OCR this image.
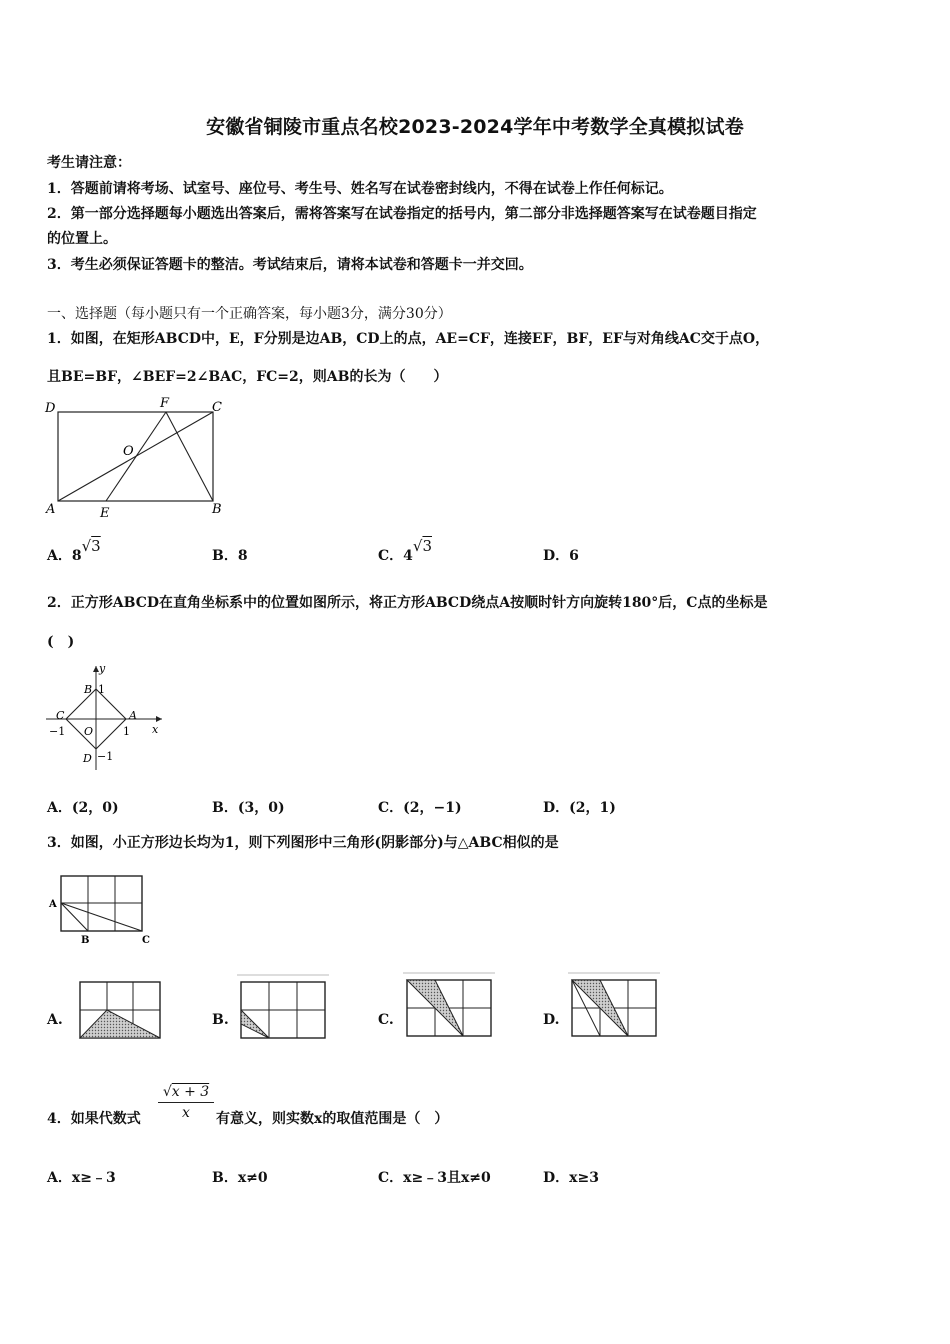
安徽省铜陵市重点名校2023-2024学年中考数学全真模拟试卷
考生请注意：
1．答题前请将考场、试室号、座位号、考生号、姓名写在试卷密封线内，不得在试卷上作任何标记。
2．第一部分选择题每小题选出答案后，需将答案写在试卷指定的括号内，第二部分非选择题答案写在试卷题目指定
的位置上。
3．考生必须保证答题卡的整洁。考试结束后，请将本试卷和答题卡一并交回。
一、选择题（每小题只有一个正确答案，每小题3分，满分30分）
1．如图，在矩形ABCD中，E，F分别是边AB，CD上的点，AE=CF，连接EF，BF，EF与对角线AC交于点O，
且BE=BF，∠BEF=2∠BAC，FC=2，则AB的长为（　　）
D	F	C
O
A	E	B
A．8√3
B．8	C．4√3
D．6
2．正方形ABCD在直角坐标系中的位置如图所示，将正方形ABCD绕点A按顺时针方向旋转180°后，C点的坐标是
(　)
y
x
B 1
C	A
−1 O	1
D −1
A．(2，0)	B．(3，0)	C．(2，−1)	D．(2，1)
3．如图，小正方形边长均为1，则下列图形中三角形(阴影部分)与△ABC相似的是
A
B	C
A.	B.	C.	D.
4．如果代数式 $\frac{√x + 3}{x}$ 有意义，则实数x的取值范围是（　）
A．x≥﹣3	B．x≠0	C．x≥﹣3且x≠0	D．x≥3
